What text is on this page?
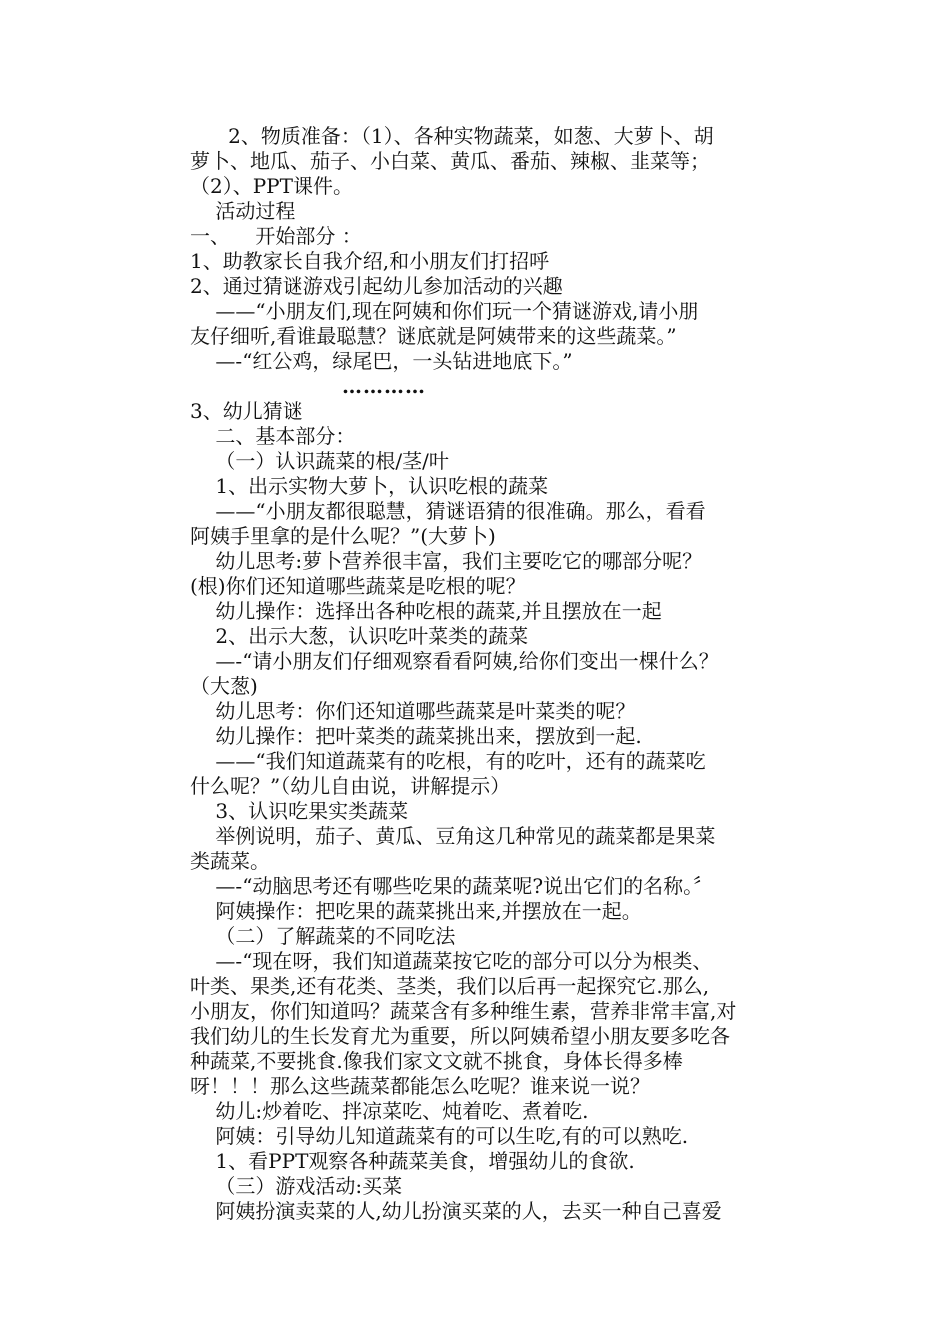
2、物质准备：（1）、各种实物蔬菜，如葱、大萝卜、胡
萝卜、地瓜、茄子、小白菜、黄瓜、番茄、辣椒、韭菜等；
（2）、PPT课件。
活动过程
一、    开始部分 ：
1、助教家长自我介绍,和小朋友们打招呼
2、通过猜谜游戏引起幼儿参加活动的兴趣
——“小朋友们,现在阿姨和你们玩一个猜谜游戏,请小朋
友仔细听,看谁最聪慧？谜底就是阿姨带来的这些蔬菜。”
—-“红公鸡，绿尾巴，一头钻进地底下。”
…………
3、幼儿猜谜
二、基本部分：
（一）认识蔬菜的根/茎/叶
1、出示实物大萝卜，认识吃根的蔬菜
——“小朋友都很聪慧，猜谜语猜的很准确。那么，看看
阿姨手里拿的是什么呢？”(大萝卜)
幼儿思考:萝卜营养很丰富，我们主要吃它的哪部分呢？
(根)你们还知道哪些蔬菜是吃根的呢？
幼儿操作：选择出各种吃根的蔬菜,并且摆放在一起
2、出示大葱，认识吃叶菜类的蔬菜
—-“请小朋友们仔细观察看看阿姨,给你们变出一棵什么？
（大葱)
幼儿思考：你们还知道哪些蔬菜是叶菜类的呢？
幼儿操作：把叶菜类的蔬菜挑出来，摆放到一起.
——“我们知道蔬菜有的吃根，有的吃叶，还有的蔬菜吃
什么呢？”（幼儿自由说，讲解提示）
3、认识吃果实类蔬菜
举例说明，茄子、黄瓜、豆角这几种常见的蔬菜都是果菜
类蔬菜。
—-“动脑思考还有哪些吃果的蔬菜呢?说出它们的名称。〞
阿姨操作：把吃果的蔬菜挑出来,并摆放在一起。
（二）了解蔬菜的不同吃法
—-“现在呀，我们知道蔬菜按它吃的部分可以分为根类、
叶类、果类,还有花类、茎类，我们以后再一起探究它.那么,
小朋友，你们知道吗？蔬菜含有多种维生素，营养非常丰富,对
我们幼儿的生长发育尤为重要，所以阿姨希望小朋友要多吃各
种蔬菜,不要挑食.像我们家文文就不挑食，身体长得多棒
呀！！！那么这些蔬菜都能怎么吃呢？谁来说一说？
幼儿:炒着吃、拌凉菜吃、炖着吃、煮着吃.
阿姨：引导幼儿知道蔬菜有的可以生吃,有的可以熟吃.
1、看PPT观察各种蔬菜美食，增强幼儿的食欲.
（三）游戏活动:买菜
阿姨扮演卖菜的人,幼儿扮演买菜的人，去买一种自己喜爱
